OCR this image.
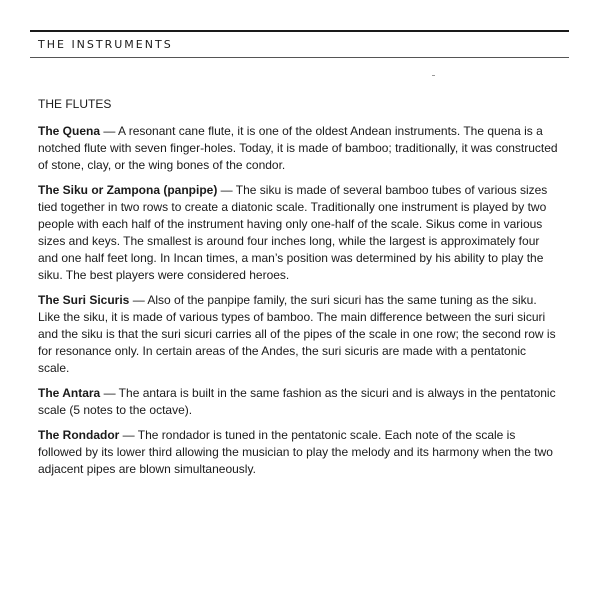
THE INSTRUMENTS
THE FLUTES

The Quena — A resonant cane flute, it is one of the oldest Andean instruments. The quena is a notched flute with seven finger-holes. Today, it is made of bamboo; traditionally, it was constructed of stone, clay, or the wing bones of the condor.

The Siku or Zampona (panpipe) — The siku is made of several bamboo tubes of various sizes tied together in two rows to create a diatonic scale. Traditionally one instrument is played by two people with each half of the instrument having only one-half of the scale. Sikus come in various sizes and keys. The smallest is around four inches long, while the largest is approximately four and one half feet long. In Incan times, a man’s position was determined by his ability to play the siku. The best players were considered heroes.

The Suri Sicuris — Also of the panpipe family, the suri sicuri has the same tuning as the siku. Like the siku, it is made of various types of bamboo. The main difference between the suri sicuri and the siku is that the suri sicuri carries all of the pipes of the scale in one row; the second row is for resonance only. In certain areas of the Andes, the suri sicuris are made with a pentatonic scale.

The Antara — The antara is built in the same fashion as the sicuri and is always in the pentatonic scale (5 notes to the octave).

The Rondador — The rondador is tuned in the pentatonic scale. Each note of the scale is followed by its lower third allowing the musician to play the melody and its harmony when the two adjacent pipes are blown simultaneously.
